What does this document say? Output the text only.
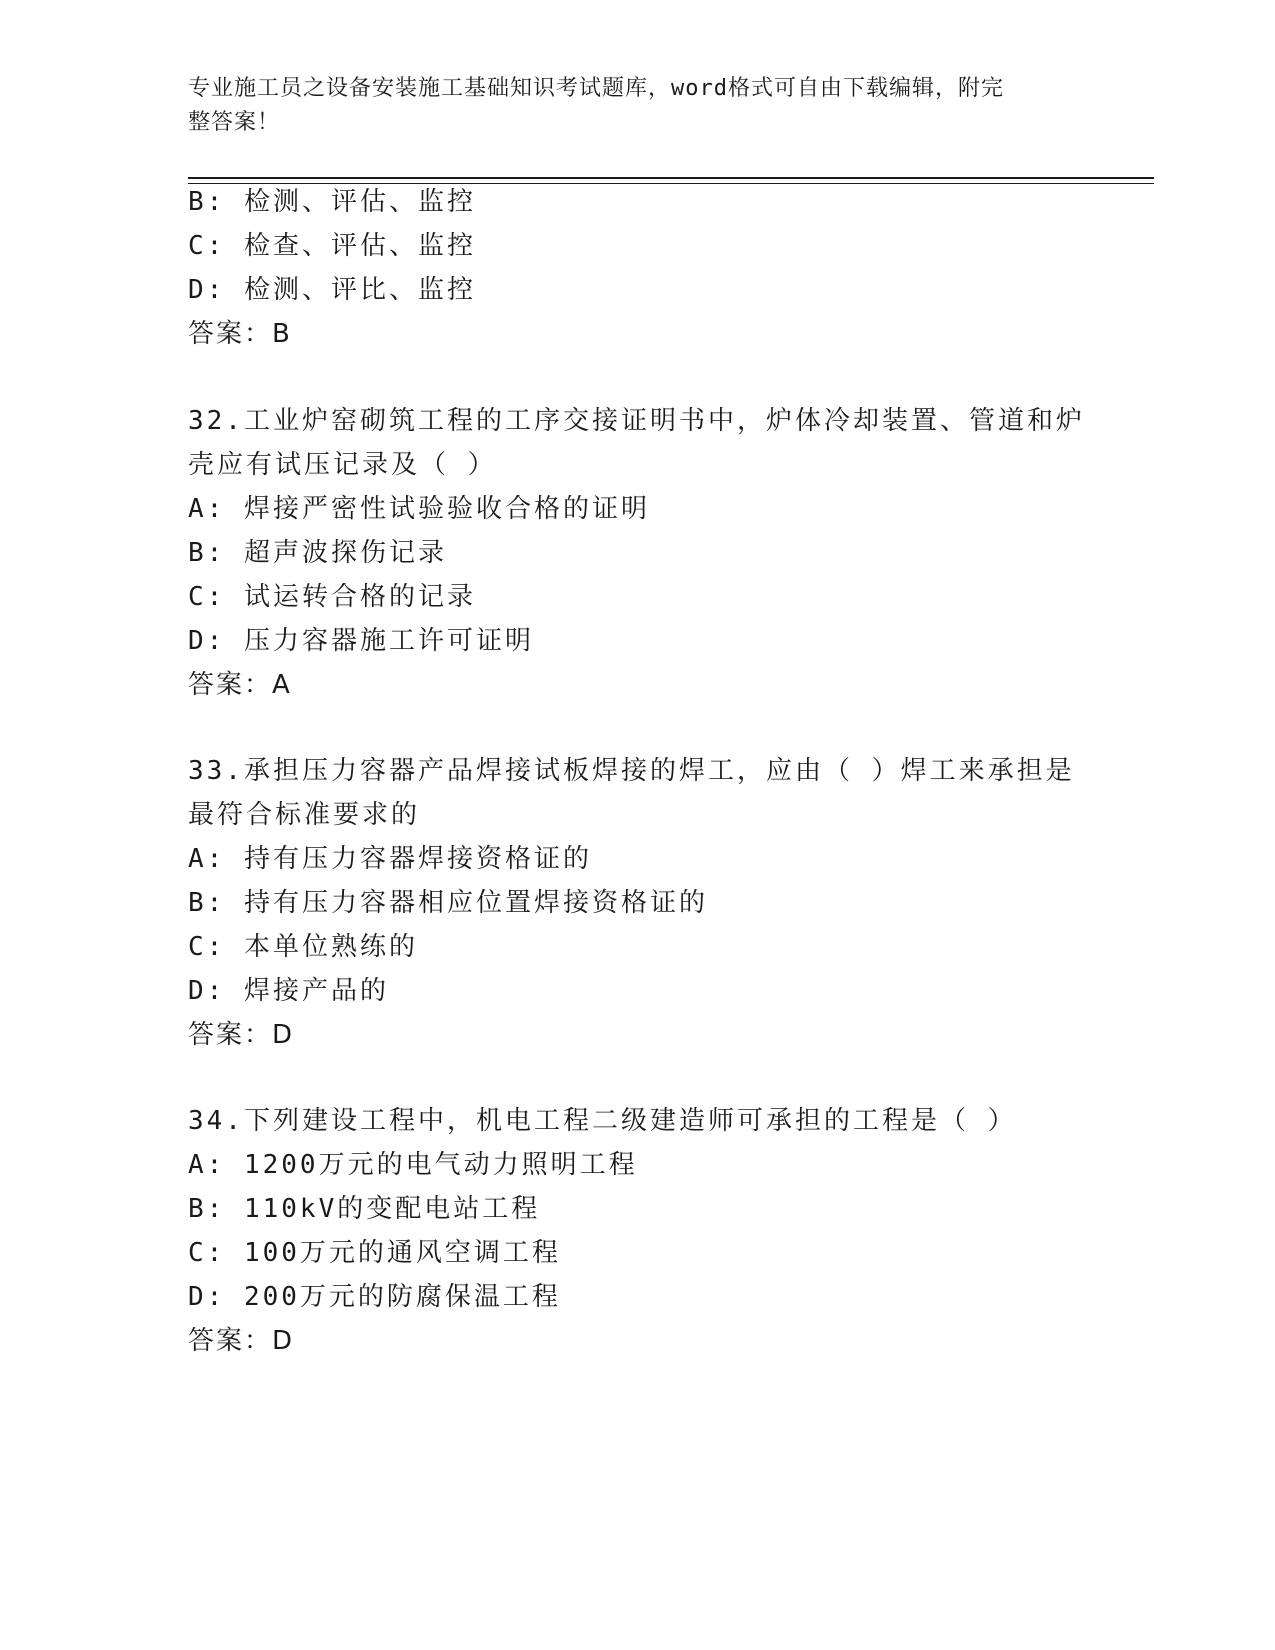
专业施工员之设备安装施工基础知识考试题库，word格式可自由下载编辑，附完
整答案！
B: 检测、评估、监控
C: 检查、评估、监控
D: 检测、评比、监控
答案：B
32.工业炉窑砌筑工程的工序交接证明书中，炉体冷却装置、管道和炉
壳应有试压记录及（ ）
A: 焊接严密性试验验收合格的证明
B: 超声波探伤记录
C: 试运转合格的记录
D: 压力容器施工许可证明
答案：A
33.承担压力容器产品焊接试板焊接的焊工，应由（ ）焊工来承担是
最符合标准要求的
A: 持有压力容器焊接资格证的
B: 持有压力容器相应位置焊接资格证的
C: 本单位熟练的
D: 焊接产品的
答案：D
34.下列建设工程中，机电工程二级建造师可承担的工程是（ ）
A: 1200万元的电气动力照明工程
B: 110kV的变配电站工程
C: 100万元的通风空调工程
D: 200万元的防腐保温工程
答案：D
